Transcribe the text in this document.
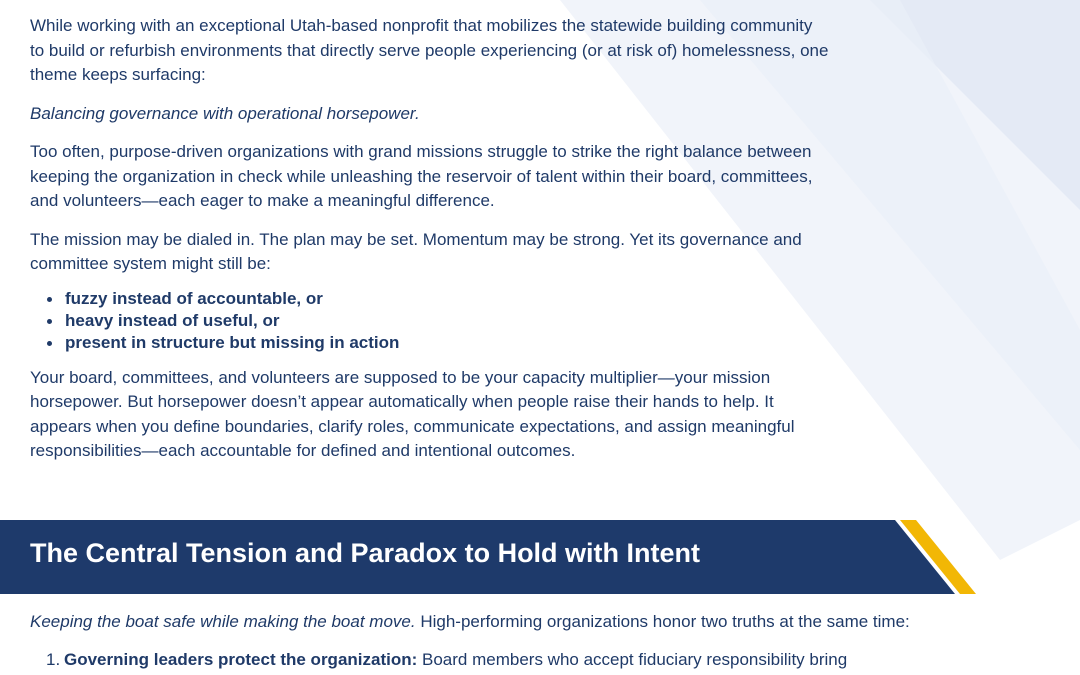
While working with an exceptional Utah-based nonprofit that mobilizes the statewide building community to build or refurbish environments that directly serve people experiencing (or at risk of) homelessness, one theme keeps surfacing:

Balancing governance with operational horsepower.

Too often, purpose-driven organizations with grand missions struggle to strike the right balance between keeping the organization in check while unleashing the reservoir of talent within their board, committees, and volunteers—each eager to make a meaningful difference.

The mission may be dialed in. The plan may be set. Momentum may be strong. Yet its governance and committee system might still be:

fuzzy instead of accountable, or
heavy instead of useful, or
present in structure but missing in action

Your board, committees, and volunteers are supposed to be your capacity multiplier—your mission horsepower. But horsepower doesn’t appear automatically when people raise their hands to help. It appears when you define boundaries, clarify roles, communicate expectations, and assign meaningful responsibilities—each accountable for defined and intentional outcomes.

The Central Tension and Paradox to Hold with Intent

Keeping the boat safe while making the boat move. High-performing organizations honor two truths at the same time:

1. Governing leaders protect the organization: Board members who accept fiduciary responsibility bring
